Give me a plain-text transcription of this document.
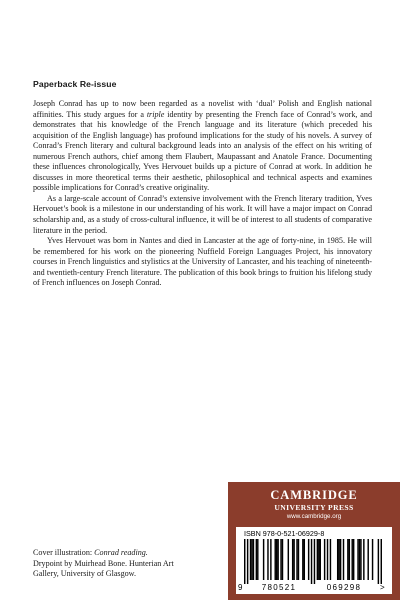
Paperback Re-issue

Joseph Conrad has up to now been regarded as a novelist with ‘dual’ Polish and English national affinities. This study argues for a triple identity by presenting the French face of Conrad’s work, and demonstrates that his knowledge of the French language and its literature (which preceded his acquisition of the English language) has profound implications for the study of his novels. A survey of Conrad’s French literary and cultural background leads into an analysis of the effect on his writing of numerous French authors, chief among them Flaubert, Maupassant and Anatole France. Documenting these influences chronologically, Yves Hervouet builds up a picture of Conrad at work. In addition he discusses in more theoretical terms their aesthetic, philosophical and technical aspects and examines possible implications for Conrad’s creative originality.

As a large-scale account of Conrad’s extensive involvement with the French literary tradition, Yves Hervouet’s book is a milestone in our understanding of his work. It will have a major impact on Conrad scholarship and, as a study of cross-cultural influence, it will be of interest to all students of comparative literature in the period.

Yves Hervouet was born in Nantes and died in Lancaster at the age of forty-nine, in 1985. He will be remembered for his work on the pioneering Nuffield Foreign Languages Project, his innovatory courses in French linguistics and stylistics at the University of Lancaster, and his teaching of nineteenth-and twentieth-century French literature. The publication of this book brings to fruition his lifelong study of French influences on Joseph Conrad.

Cover illustration: Conrad reading.
Drypoint by Muirhead Bone. Hunterian Art
Gallery, University of Glasgow.
CAMBRIDGE
UNIVERSITY PRESS
www.cambridge.org
ISBN 978-0-521-06929-8
9	780521	069298	>
